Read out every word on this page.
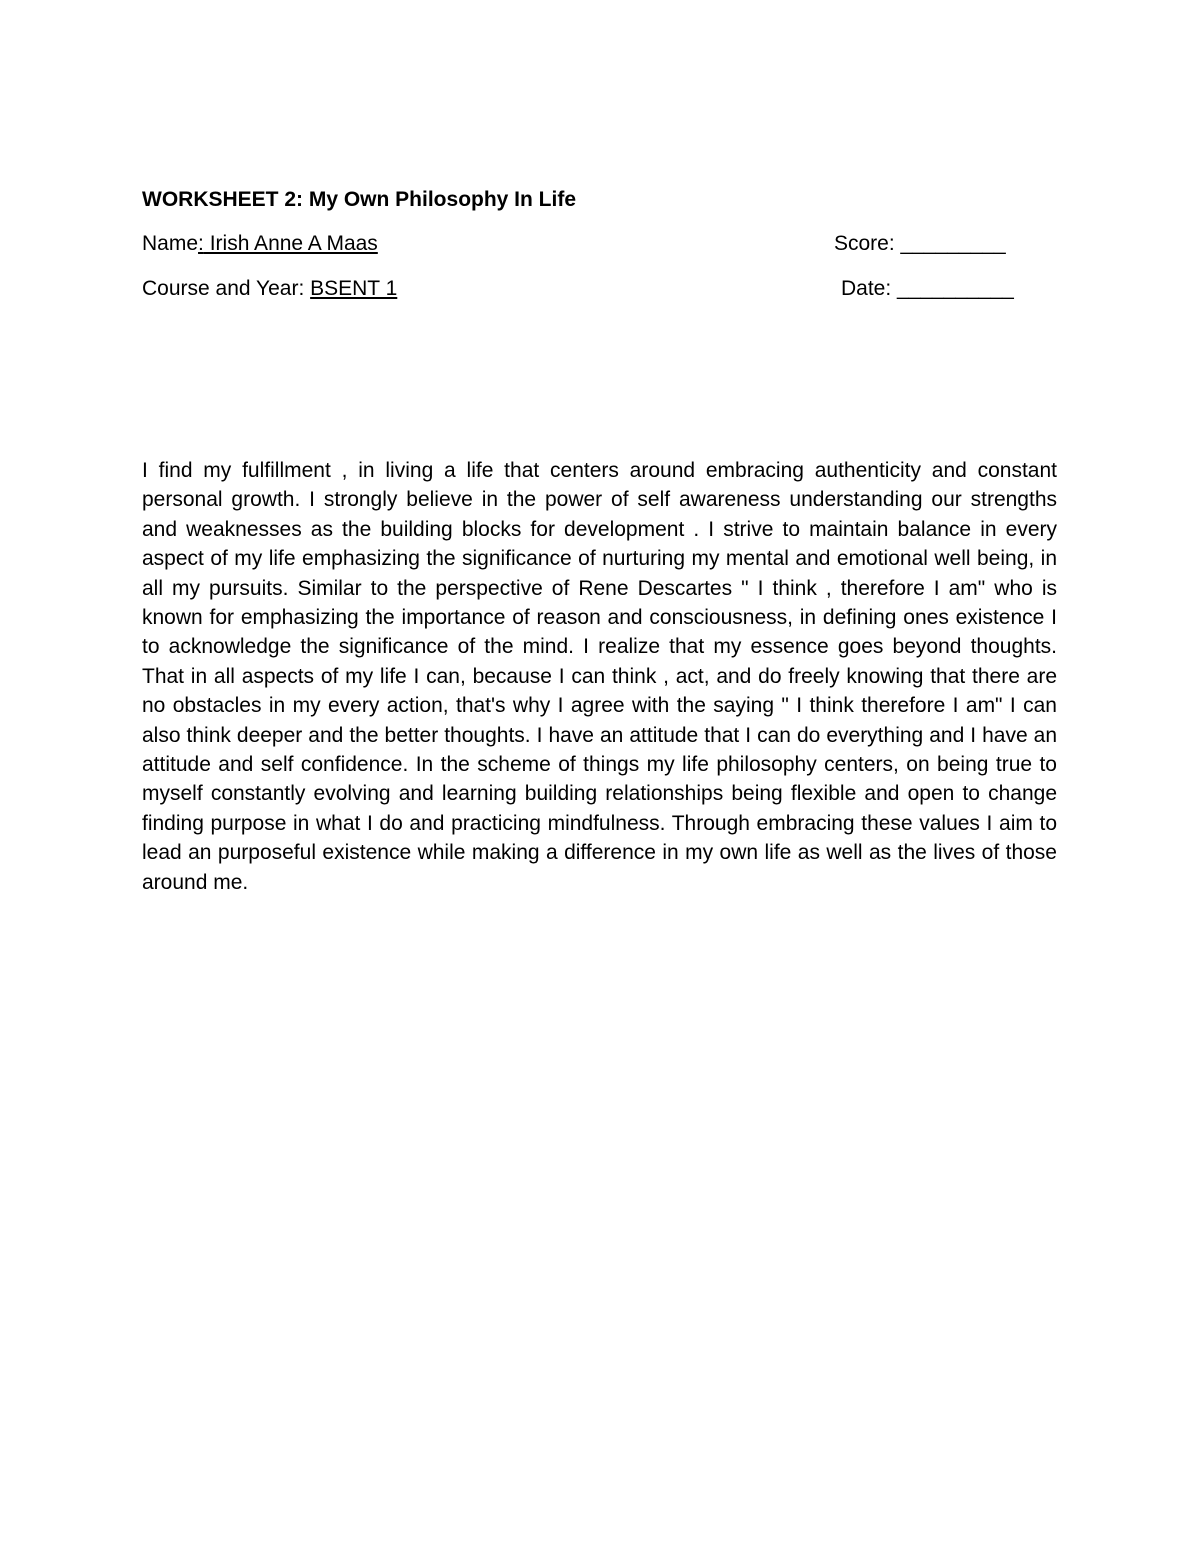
WORKSHEET 2: My Own Philosophy In Life
Name: Irish Anne A Maas	Score: _________
Course and Year: BSENT 1	Date: __________
I find my fulfillment , in living a life that centers around embracing authenticity and constant personal growth. I strongly believe in the power of self awareness understanding our strengths and weaknesses as the building blocks for development . I strive to maintain balance in every aspect of my life emphasizing the significance of nurturing my mental and emotional well being, in all my pursuits. Similar to the perspective of Rene Descartes " I think , therefore I am" who is known for emphasizing the importance of reason and consciousness, in defining ones existence I to acknowledge the significance of the mind. I realize that my essence goes beyond thoughts. That in all aspects of my life I can, because I can think , act, and do freely knowing that there are no obstacles in my every action, that's why I agree with the saying " I think therefore I am" I can also think deeper and the better thoughts. I have an attitude that I can do everything and I have an attitude and self confidence. In the scheme of things my life philosophy centers, on being true to myself constantly evolving and learning building relationships being flexible and open to change finding purpose in what I do and practicing mindfulness. Through embracing these values I aim to lead an purposeful existence while making a difference in my own life as well as the lives of those around me.
